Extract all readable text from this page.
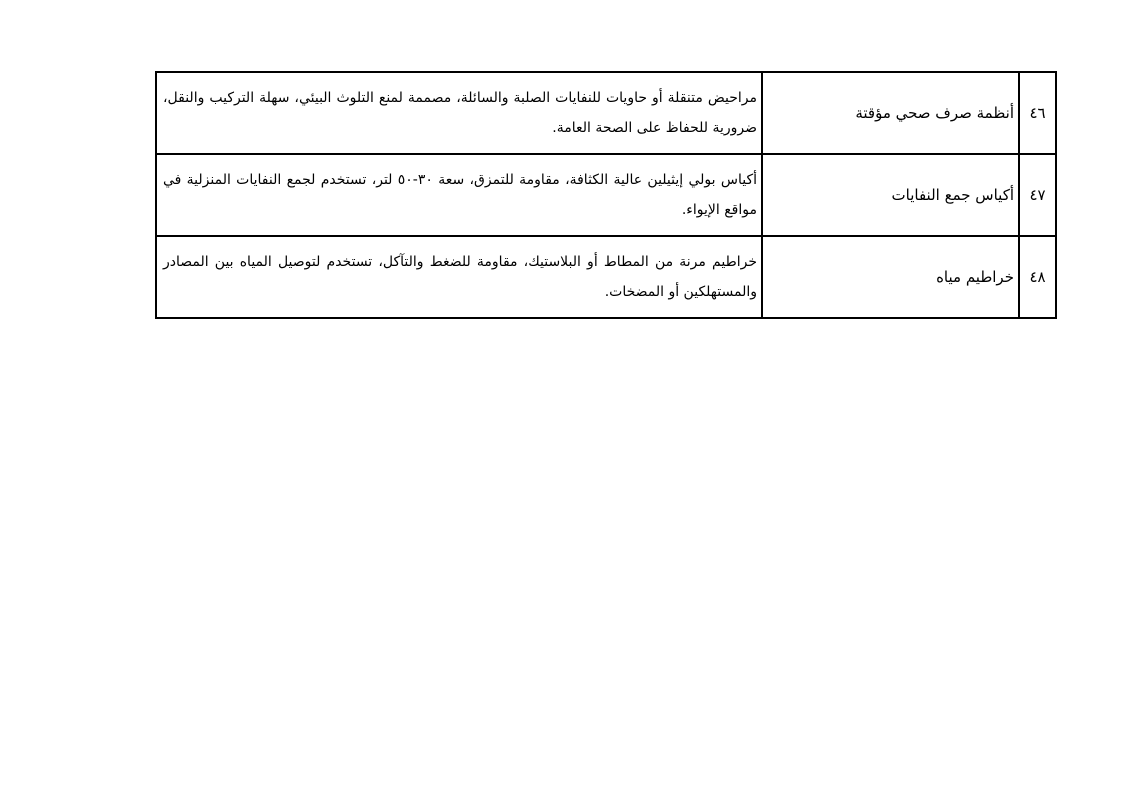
٤٦	أنظمة صرف صحي مؤقتة	مراحيض متنقلة أو حاويات للنفايات الصلبة والسائلة، مصممة لمنع التلوث البيئي، سهلة التركيب والنقل، ضرورية للحفاظ على الصحة العامة.
٤٧	أكياس جمع النفايات	أكياس بولي إيثيلين عالية الكثافة، مقاومة للتمزق، سعة ٣٠-٥٠ لتر، تستخدم لجمع النفايات المنزلية في مواقع الإيواء.
٤٨	خراطيم مياه	خراطيم مرنة من المطاط أو البلاستيك، مقاومة للضغط والتآكل، تستخدم لتوصيل المياه بين المصادر والمستهلكين أو المضخات.
